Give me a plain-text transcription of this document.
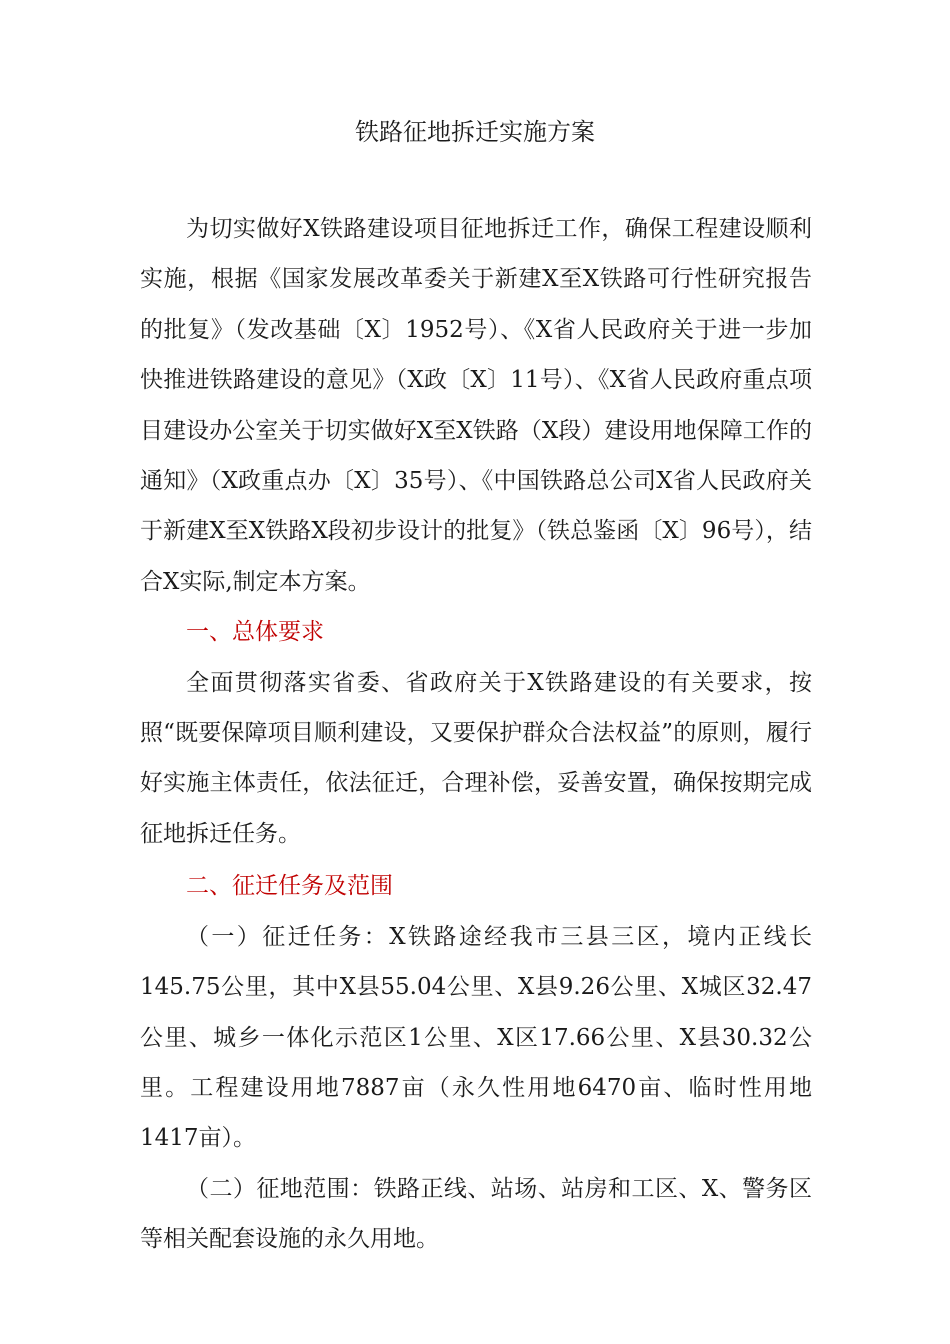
铁路征地拆迁实施方案

为切实做好X铁路建设项目征地拆迁工作，确保工程建设顺利实施，根据《国家发展改革委关于新建X至X铁路可行性研究报告的批复》（发改基础〔X〕1952号）、《X省人民政府关于进一步加快推进铁路建设的意见》（X政〔X〕11号）、《X省人民政府重点项目建设办公室关于切实做好X至X铁路（X段）建设用地保障工作的通知》（X政重点办〔X〕35号）、《中国铁路总公司X省人民政府关于新建X至X铁路X段初步设计的批复》（铁总鉴函〔X〕96号），结合X实际,制定本方案。

一、总体要求

全面贯彻落实省委、省政府关于X铁路建设的有关要求，按照“既要保障项目顺利建设，又要保护群众合法权益”的原则，履行好实施主体责任，依法征迁，合理补偿，妥善安置，确保按期完成征地拆迁任务。

二、征迁任务及范围

（一）征迁任务：X铁路途经我市三县三区，境内正线长145.75公里，其中X县55.04公里、X县9.26公里、X城区32.47公里、城乡一体化示范区1公里、X区17.66公里、X县30.32公里。工程建设用地7887亩（永久性用地6470亩、临时性用地1417亩）。

（二）征地范围：铁路正线、站场、站房和工区、X、警务区等相关配套设施的永久用地。
